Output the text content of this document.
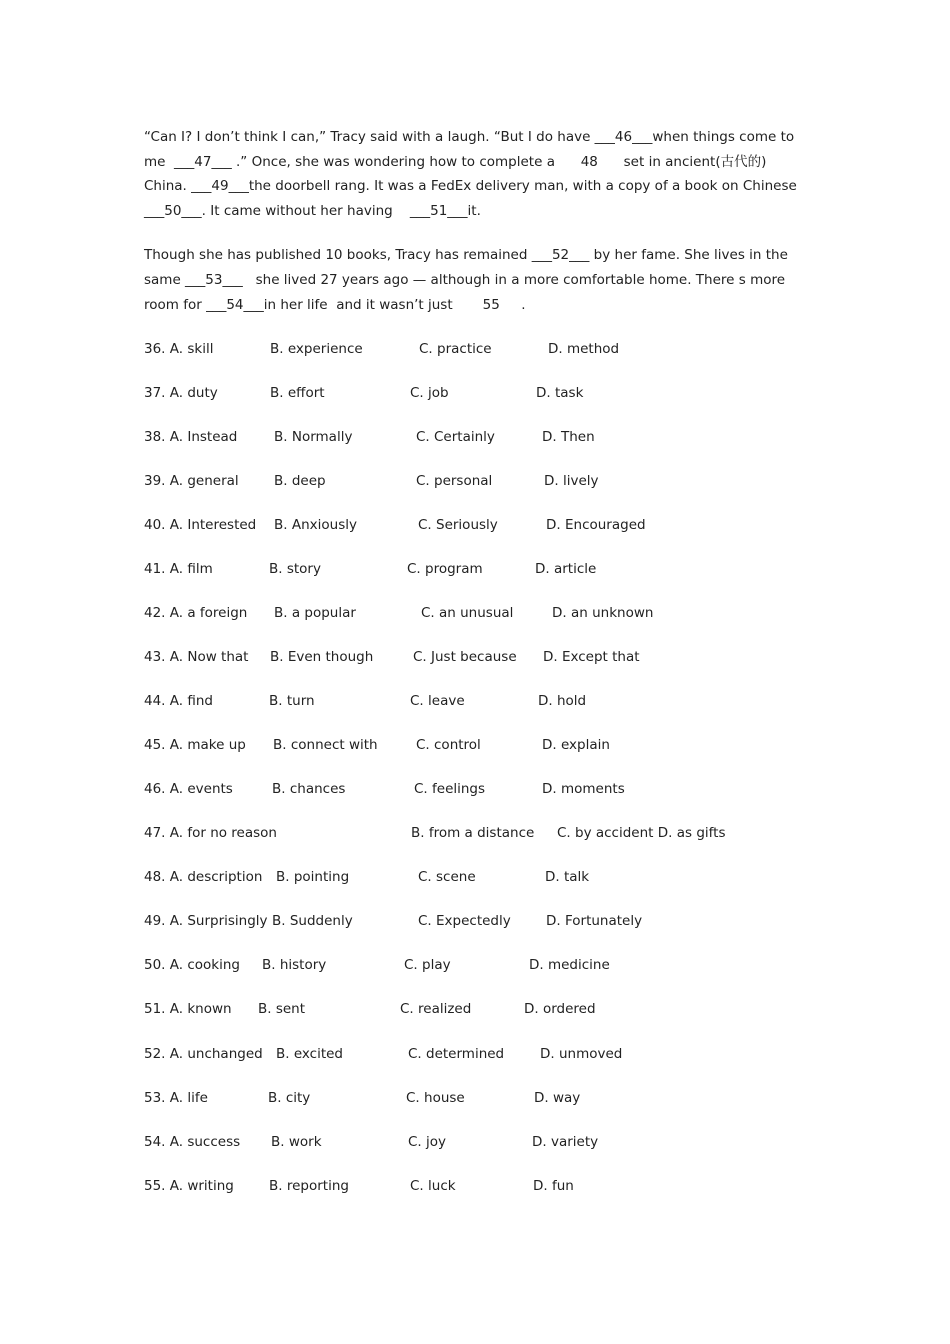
“Can I? I don’t think I can,” Tracy said with a laugh. “But I do have ___46___when things come to
me  ___47___ .” Once, she was wondering how to complete a      48      set in ancient(古代的)
China. ___49___the doorbell rang. It was a FedEx delivery man, with a copy of a book on Chinese
___50___. It came without her having    ___51___it.
Though she has published 10 books, Tracy has remained ___52___ by her fame. She lives in the
same ___53___   she lived 27 years ago — although in a more comfortable home. There s more
room for ___54___in her life  and it wasn’t just       55     .
36. A. skill	B. experience	C. practice	D. method
37. A. duty	B. effort	C. job	D. task
38. A. Instead	B. Normally	C. Certainly	D. Then
39. A. general	B. deep	C. personal	D. lively
40. A. Interested B. Anxiously	C. Seriously	D. Encouraged
41. A. film	B. story	C. program	D. article
42. A. a foreign B. a popular	C. an unusual	D. an unknown
43. A. Now that B. Even though	C. Just because D. Except that
44. A. find	B. turn	C. leave	D. hold
45. A. make up B. connect with	C. control	D. explain
46. A. events	B. chances	C. feelings	D. moments
47. A. for no reason	B. from a distance C. by accident D. as gifts
48. A. description B. pointing	C. scene	D. talk
49. A. Surprisingly B. Suddenly	C. Expectedly	D. Fortunately
50. A. cooking B. history	C. play	D. medicine
51. A. known B. sent	C. realized	D. ordered
52. A. unchanged B. excited	C. determined	D. unmoved
53. A. life	B. city	C. house	D. way
54. A. success B. work	C. joy	D. variety
55. A. writing	B. reporting	C. luck	D. fun
